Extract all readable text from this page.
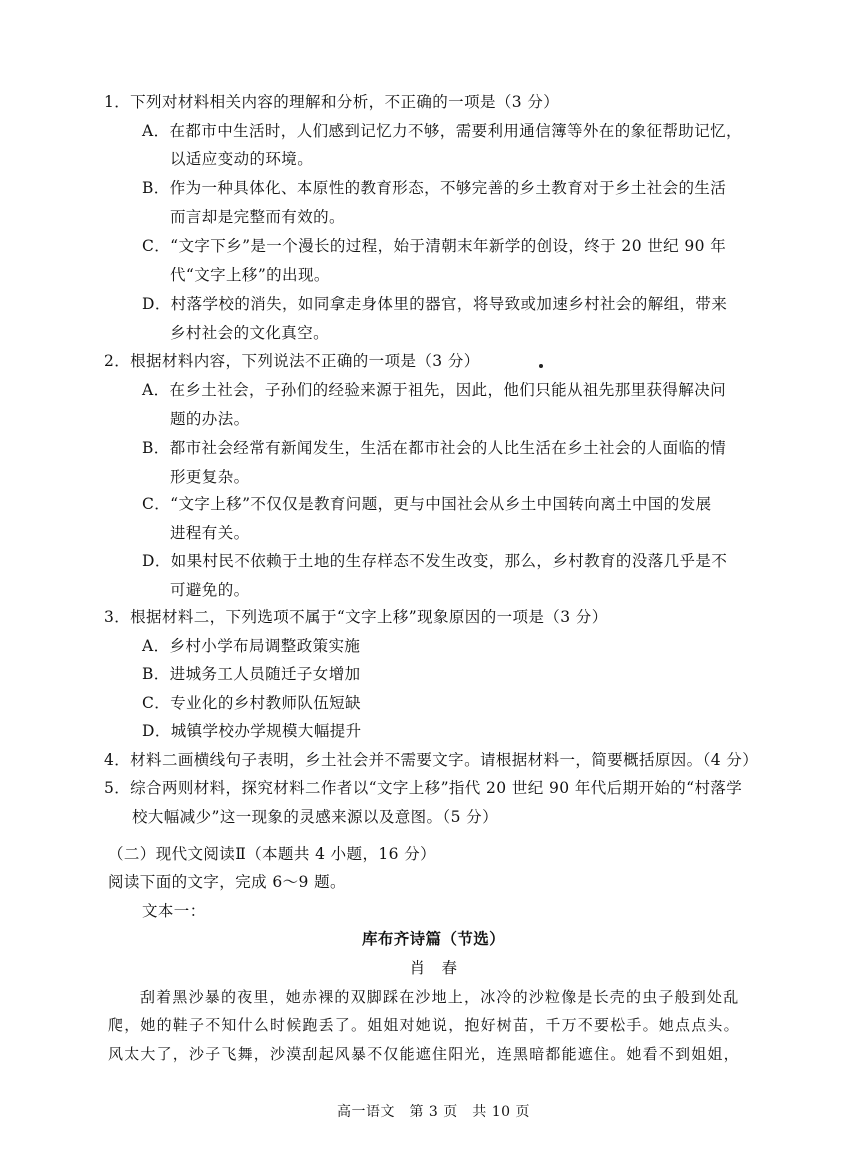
1．下列对材料相关内容的理解和分析，不正确的一项是（3 分）
A．在都市中生活时，人们感到记忆力不够，需要利用通信簿等外在的象征帮助记忆，
以适应变动的环境。
B．作为一种具体化、本原性的教育形态，不够完善的乡土教育对于乡土社会的生活
而言却是完整而有效的。
C．“文字下乡”是一个漫长的过程，始于清朝末年新学的创设，终于 20 世纪 90 年
代“文字上移”的出现。
D．村落学校的消失，如同拿走身体里的器官，将导致或加速乡村社会的解组，带来
乡村社会的文化真空。
2．根据材料内容，下列说法不正确的一项是（3 分）
A．在乡土社会，子孙们的经验来源于祖先，因此，他们只能从祖先那里获得解决问
题的办法。
B．都市社会经常有新闻发生，生活在都市社会的人比生活在乡土社会的人面临的情
形更复杂。
C．“文字上移”不仅仅是教育问题，更与中国社会从乡土中国转向离土中国的发展
进程有关。
D．如果村民不依赖于土地的生存样态不发生改变，那么，乡村教育的没落几乎是不
可避免的。
3．根据材料二，下列选项不属于“文字上移”现象原因的一项是（3 分）
A．乡村小学布局调整政策实施
B．进城务工人员随迁子女增加
C．专业化的乡村教师队伍短缺
D．城镇学校办学规模大幅提升
4．材料二画横线句子表明，乡土社会并不需要文字。请根据材料一，简要概括原因。（4 分）
5．综合两则材料，探究材料二作者以“文字上移”指代 20 世纪 90 年代后期开始的“村落学
校大幅减少”这一现象的灵感来源以及意图。（5 分）
（二）现代文阅读Ⅱ（本题共 4 小题，16 分）
阅读下面的文字，完成 6～9 题。
文本一：
库布齐诗篇（节选）
肖　春
刮着黑沙暴的夜里，她赤裸的双脚踩在沙地上，冰冷的沙粒像是长壳的虫子般到处乱
爬，她的鞋子不知什么时候跑丢了。姐姐对她说，抱好树苗，千万不要松手。她点点头。
风太大了，沙子飞舞，沙漠刮起风暴不仅能遮住阳光，连黑暗都能遮住。她看不到姐姐，
高一语文　第 3 页　共 10 页
